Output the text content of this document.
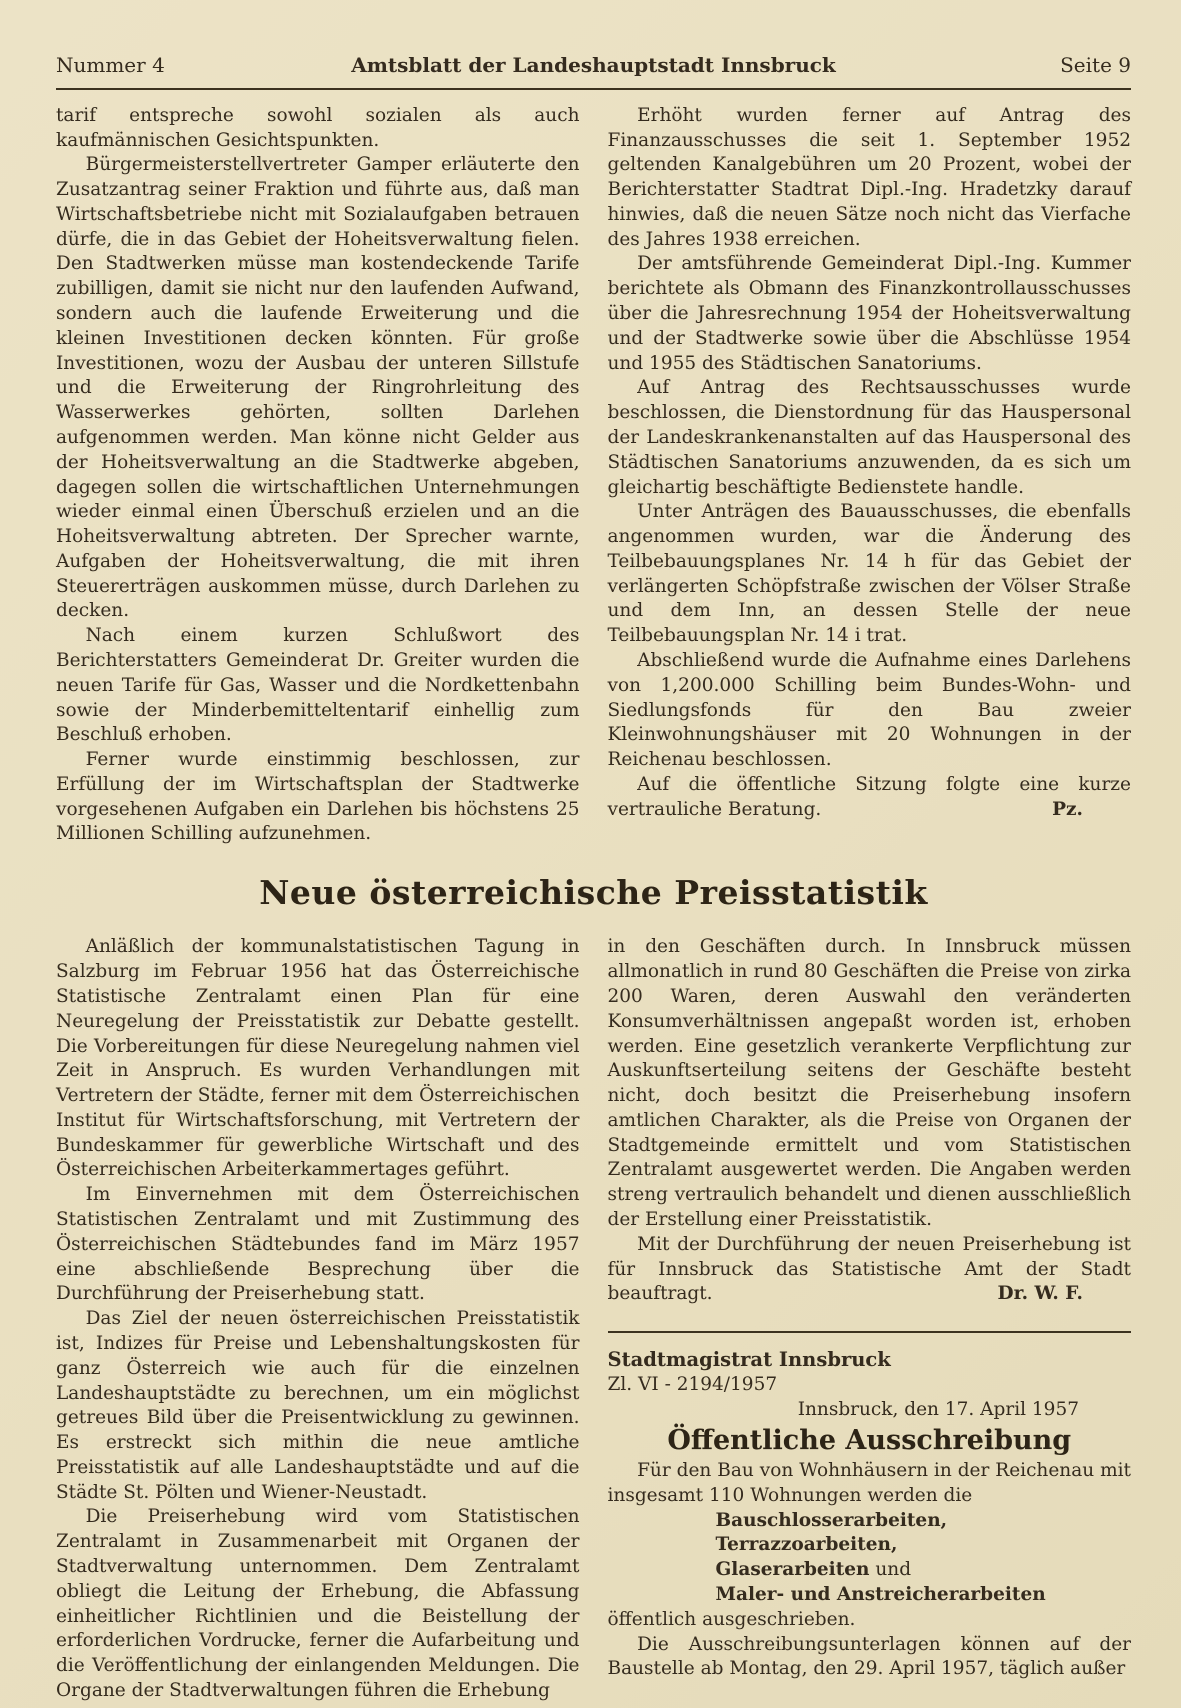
Nummer 4	Amtsblatt der Landeshauptstadt Innsbruck	Seite 9

tarif entspreche sowohl sozialen als auch kaufmännischen Gesichtspunkten.

Bürgermeisterstellvertreter Gamper erläuterte den Zusatzantrag seiner Fraktion und führte aus, daß man Wirtschaftsbetriebe nicht mit Sozialaufgaben betrauen dürfe, die in das Gebiet der Hoheitsverwaltung fielen. Den Stadtwerken müsse man kostendeckende Tarife zubilligen, damit sie nicht nur den laufenden Aufwand, sondern auch die laufende Erweiterung und die kleinen Investitionen decken könnten. Für große Investitionen, wozu der Ausbau der unteren Sillstufe und die Erweiterung der Ringrohrleitung des Wasserwerkes gehörten, sollten Darlehen aufgenommen werden. Man könne nicht Gelder aus der Hoheitsverwaltung an die Stadtwerke abgeben, dagegen sollen die wirtschaftlichen Unternehmungen wieder einmal einen Überschuß erzielen und an die Hoheitsverwaltung abtreten. Der Sprecher warnte, Aufgaben der Hoheitsverwaltung, die mit ihren Steuererträgen auskommen müsse, durch Darlehen zu decken.

Nach einem kurzen Schlußwort des Berichterstatters Gemeinderat Dr. Greiter wurden die neuen Tarife für Gas, Wasser und die Nordkettenbahn sowie der Minderbemitteltentarif einhellig zum Beschluß erhoben.

Ferner wurde einstimmig beschlossen, zur Erfüllung der im Wirtschaftsplan der Stadtwerke vorgesehenen Aufgaben ein Darlehen bis höchstens 25 Millionen Schilling aufzunehmen.

Erhöht wurden ferner auf Antrag des Finanzausschusses die seit 1. September 1952 geltenden Kanalgebühren um 20 Prozent, wobei der Berichterstatter Stadtrat Dipl.-Ing. Hradetzky darauf hinwies, daß die neuen Sätze noch nicht das Vierfache des Jahres 1938 erreichen.

Der amtsführende Gemeinderat Dipl.-Ing. Kummer berichtete als Obmann des Finanzkontrollausschusses über die Jahresrechnung 1954 der Hoheitsverwaltung und der Stadtwerke sowie über die Abschlüsse 1954 und 1955 des Städtischen Sanatoriums.

Auf Antrag des Rechtsausschusses wurde beschlossen, die Dienstordnung für das Hauspersonal der Landeskrankenanstalten auf das Hauspersonal des Städtischen Sanatoriums anzuwenden, da es sich um gleichartig beschäftigte Bedienstete handle.

Unter Anträgen des Bauausschusses, die ebenfalls angenommen wurden, war die Änderung des Teilbebauungsplanes Nr. 14 h für das Gebiet der verlängerten Schöpfstraße zwischen der Völser Straße und dem Inn, an dessen Stelle der neue Teilbebauungsplan Nr. 14 i trat.

Abschließend wurde die Aufnahme eines Darlehens von 1,200.000 Schilling beim Bundes-Wohn- und Siedlungsfonds für den Bau zweier Kleinwohnungshäuser mit 20 Wohnungen in der Reichenau beschlossen.

Auf die öffentliche Sitzung folgte eine kurze vertrauliche Beratung.	Pz.

Neue österreichische Preisstatistik

Anläßlich der kommunalstatistischen Tagung in Salzburg im Februar 1956 hat das Österreichische Statistische Zentralamt einen Plan für eine Neuregelung der Preisstatistik zur Debatte gestellt. Die Vorbereitungen für diese Neuregelung nahmen viel Zeit in Anspruch. Es wurden Verhandlungen mit Vertretern der Städte, ferner mit dem Österreichischen Institut für Wirtschaftsforschung, mit Vertretern der Bundeskammer für gewerbliche Wirtschaft und des Österreichischen Arbeiterkammertages geführt.

Im Einvernehmen mit dem Österreichischen Statistischen Zentralamt und mit Zustimmung des Österreichischen Städtebundes fand im März 1957 eine abschließende Besprechung über die Durchführung der Preiserhebung statt.

Das Ziel der neuen österreichischen Preisstatistik ist, Indizes für Preise und Lebenshaltungskosten für ganz Österreich wie auch für die einzelnen Landeshauptstädte zu berechnen, um ein möglichst getreues Bild über die Preisentwicklung zu gewinnen. Es erstreckt sich mithin die neue amtliche Preisstatistik auf alle Landeshauptstädte und auf die Städte St. Pölten und Wiener-Neustadt.

Die Preiserhebung wird vom Statistischen Zentralamt in Zusammenarbeit mit Organen der Stadtverwaltung unternommen. Dem Zentralamt obliegt die Leitung der Erhebung, die Abfassung einheitlicher Richtlinien und die Beistellung der erforderlichen Vordrucke, ferner die Aufarbeitung und die Veröffentlichung der einlangenden Meldungen. Die Organe der Stadtverwaltungen führen die Erhebung

in den Geschäften durch. In Innsbruck müssen allmonatlich in rund 80 Geschäften die Preise von zirka 200 Waren, deren Auswahl den veränderten Konsumverhältnissen angepaßt worden ist, erhoben werden. Eine gesetzlich verankerte Verpflichtung zur Auskunftserteilung seitens der Geschäfte besteht nicht, doch besitzt die Preiserhebung insofern amtlichen Charakter, als die Preise von Organen der Stadtgemeinde ermittelt und vom Statistischen Zentralamt ausgewertet werden. Die Angaben werden streng vertraulich behandelt und dienen ausschließlich der Erstellung einer Preisstatistik.

Mit der Durchführung der neuen Preiserhebung ist für Innsbruck das Statistische Amt der Stadt beauftragt.	Dr. W. F.

Stadtmagistrat Innsbruck

Zl. VI - 2194/1957

Innsbruck, den 17. April 1957

Öffentliche Ausschreibung

Für den Bau von Wohnhäusern in der Reichenau mit insgesamt 110 Wohnungen werden die

Bauschlosserarbeiten,
Terrazzoarbeiten,
Glaserarbeiten und
Maler- und Anstreicherarbeiten

öffentlich ausgeschrieben.

Die Ausschreibungsunterlagen können auf der Baustelle ab Montag, den 29. April 1957, täglich außer
